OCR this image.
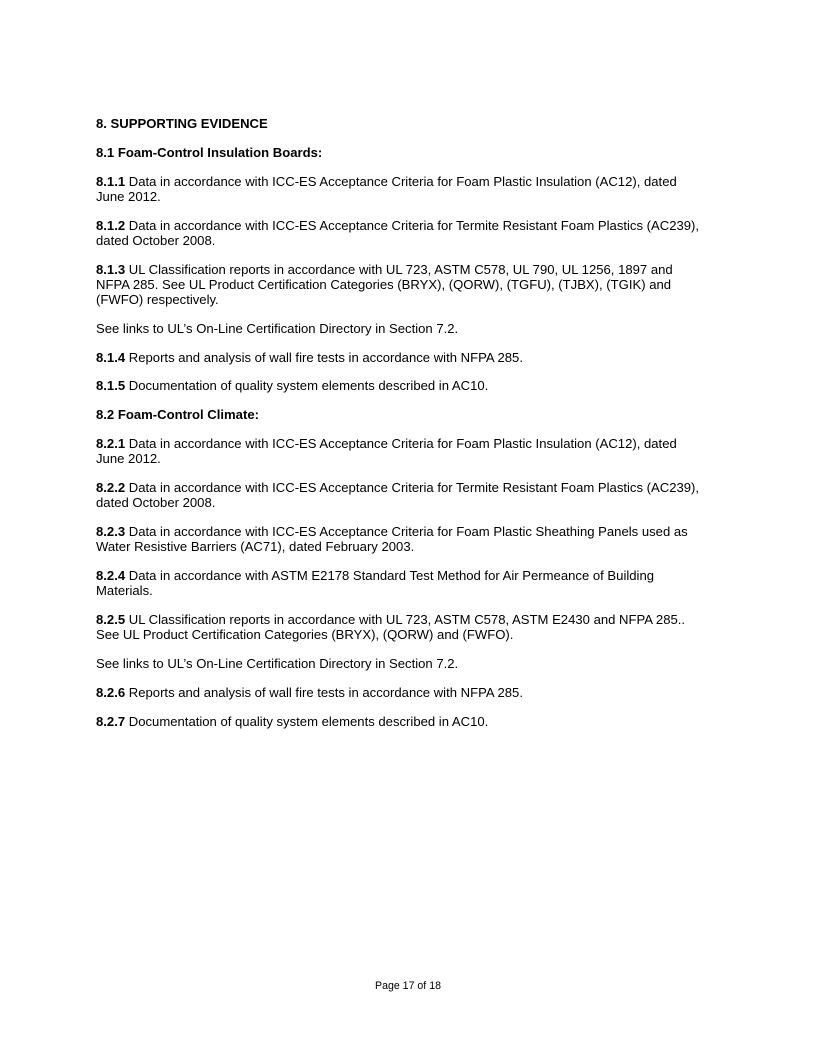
8. SUPPORTING EVIDENCE

8.1 Foam-Control Insulation Boards:

8.1.1 Data in accordance with ICC-ES Acceptance Criteria for Foam Plastic Insulation (AC12), dated
June 2012.

8.1.2 Data in accordance with ICC-ES Acceptance Criteria for Termite Resistant Foam Plastics (AC239),
dated October 2008.

8.1.3 UL Classification reports in accordance with UL 723, ASTM C578, UL 790, UL 1256, 1897 and
NFPA 285. See UL Product Certification Categories (BRYX), (QORW), (TGFU), (TJBX), (TGIK) and
(FWFO) respectively.

See links to UL’s On-Line Certification Directory in Section 7.2.

8.1.4 Reports and analysis of wall fire tests in accordance with NFPA 285.

8.1.5 Documentation of quality system elements described in AC10.

8.2 Foam-Control Climate:

8.2.1 Data in accordance with ICC-ES Acceptance Criteria for Foam Plastic Insulation (AC12), dated
June 2012.

8.2.2 Data in accordance with ICC-ES Acceptance Criteria for Termite Resistant Foam Plastics (AC239),
dated October 2008.

8.2.3 Data in accordance with ICC-ES Acceptance Criteria for Foam Plastic Sheathing Panels used as
Water Resistive Barriers (AC71), dated February 2003.

8.2.4 Data in accordance with ASTM E2178 Standard Test Method for Air Permeance of Building
Materials.

8.2.5 UL Classification reports in accordance with UL 723, ASTM C578, ASTM E2430 and NFPA 285..
See UL Product Certification Categories (BRYX), (QORW) and (FWFO).

See links to UL’s On-Line Certification Directory in Section 7.2.

8.2.6 Reports and analysis of wall fire tests in accordance with NFPA 285.

8.2.7 Documentation of quality system elements described in AC10.

Page 17 of 18
